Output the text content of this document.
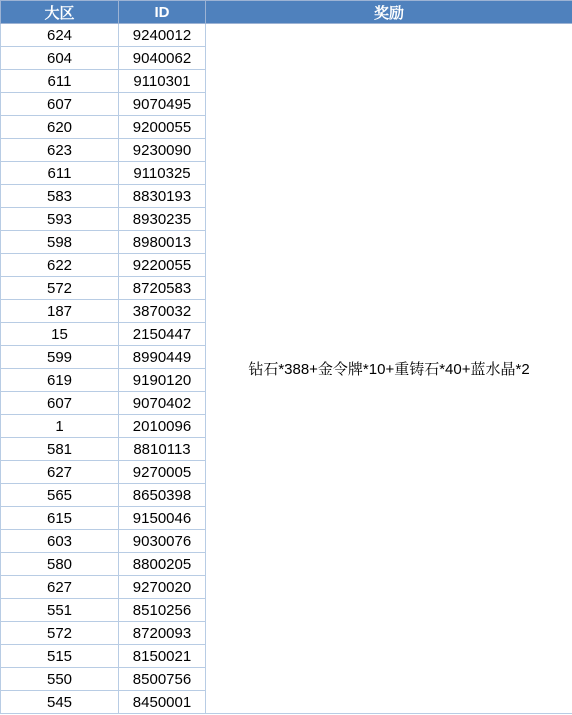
大区	ID	奖励
624	9240012	钻石*388+金令牌*10+重铸石*40+蓝水晶*2
604	9040062	
611	9110301	
607	9070495	
620	9200055	
623	9230090	
611	9110325	
583	8830193	
593	8930235	
598	8980013	
622	9220055	
572	8720583	
187	3870032	
15	2150447	
599	8990449	
619	9190120	
607	9070402	
1	2010096	
581	8810113	
627	9270005	
565	8650398	
615	9150046	
603	9030076	
580	8800205	
627	9270020	
551	8510256	
572	8720093	
515	8150021	
550	8500756	
545	8450001	
